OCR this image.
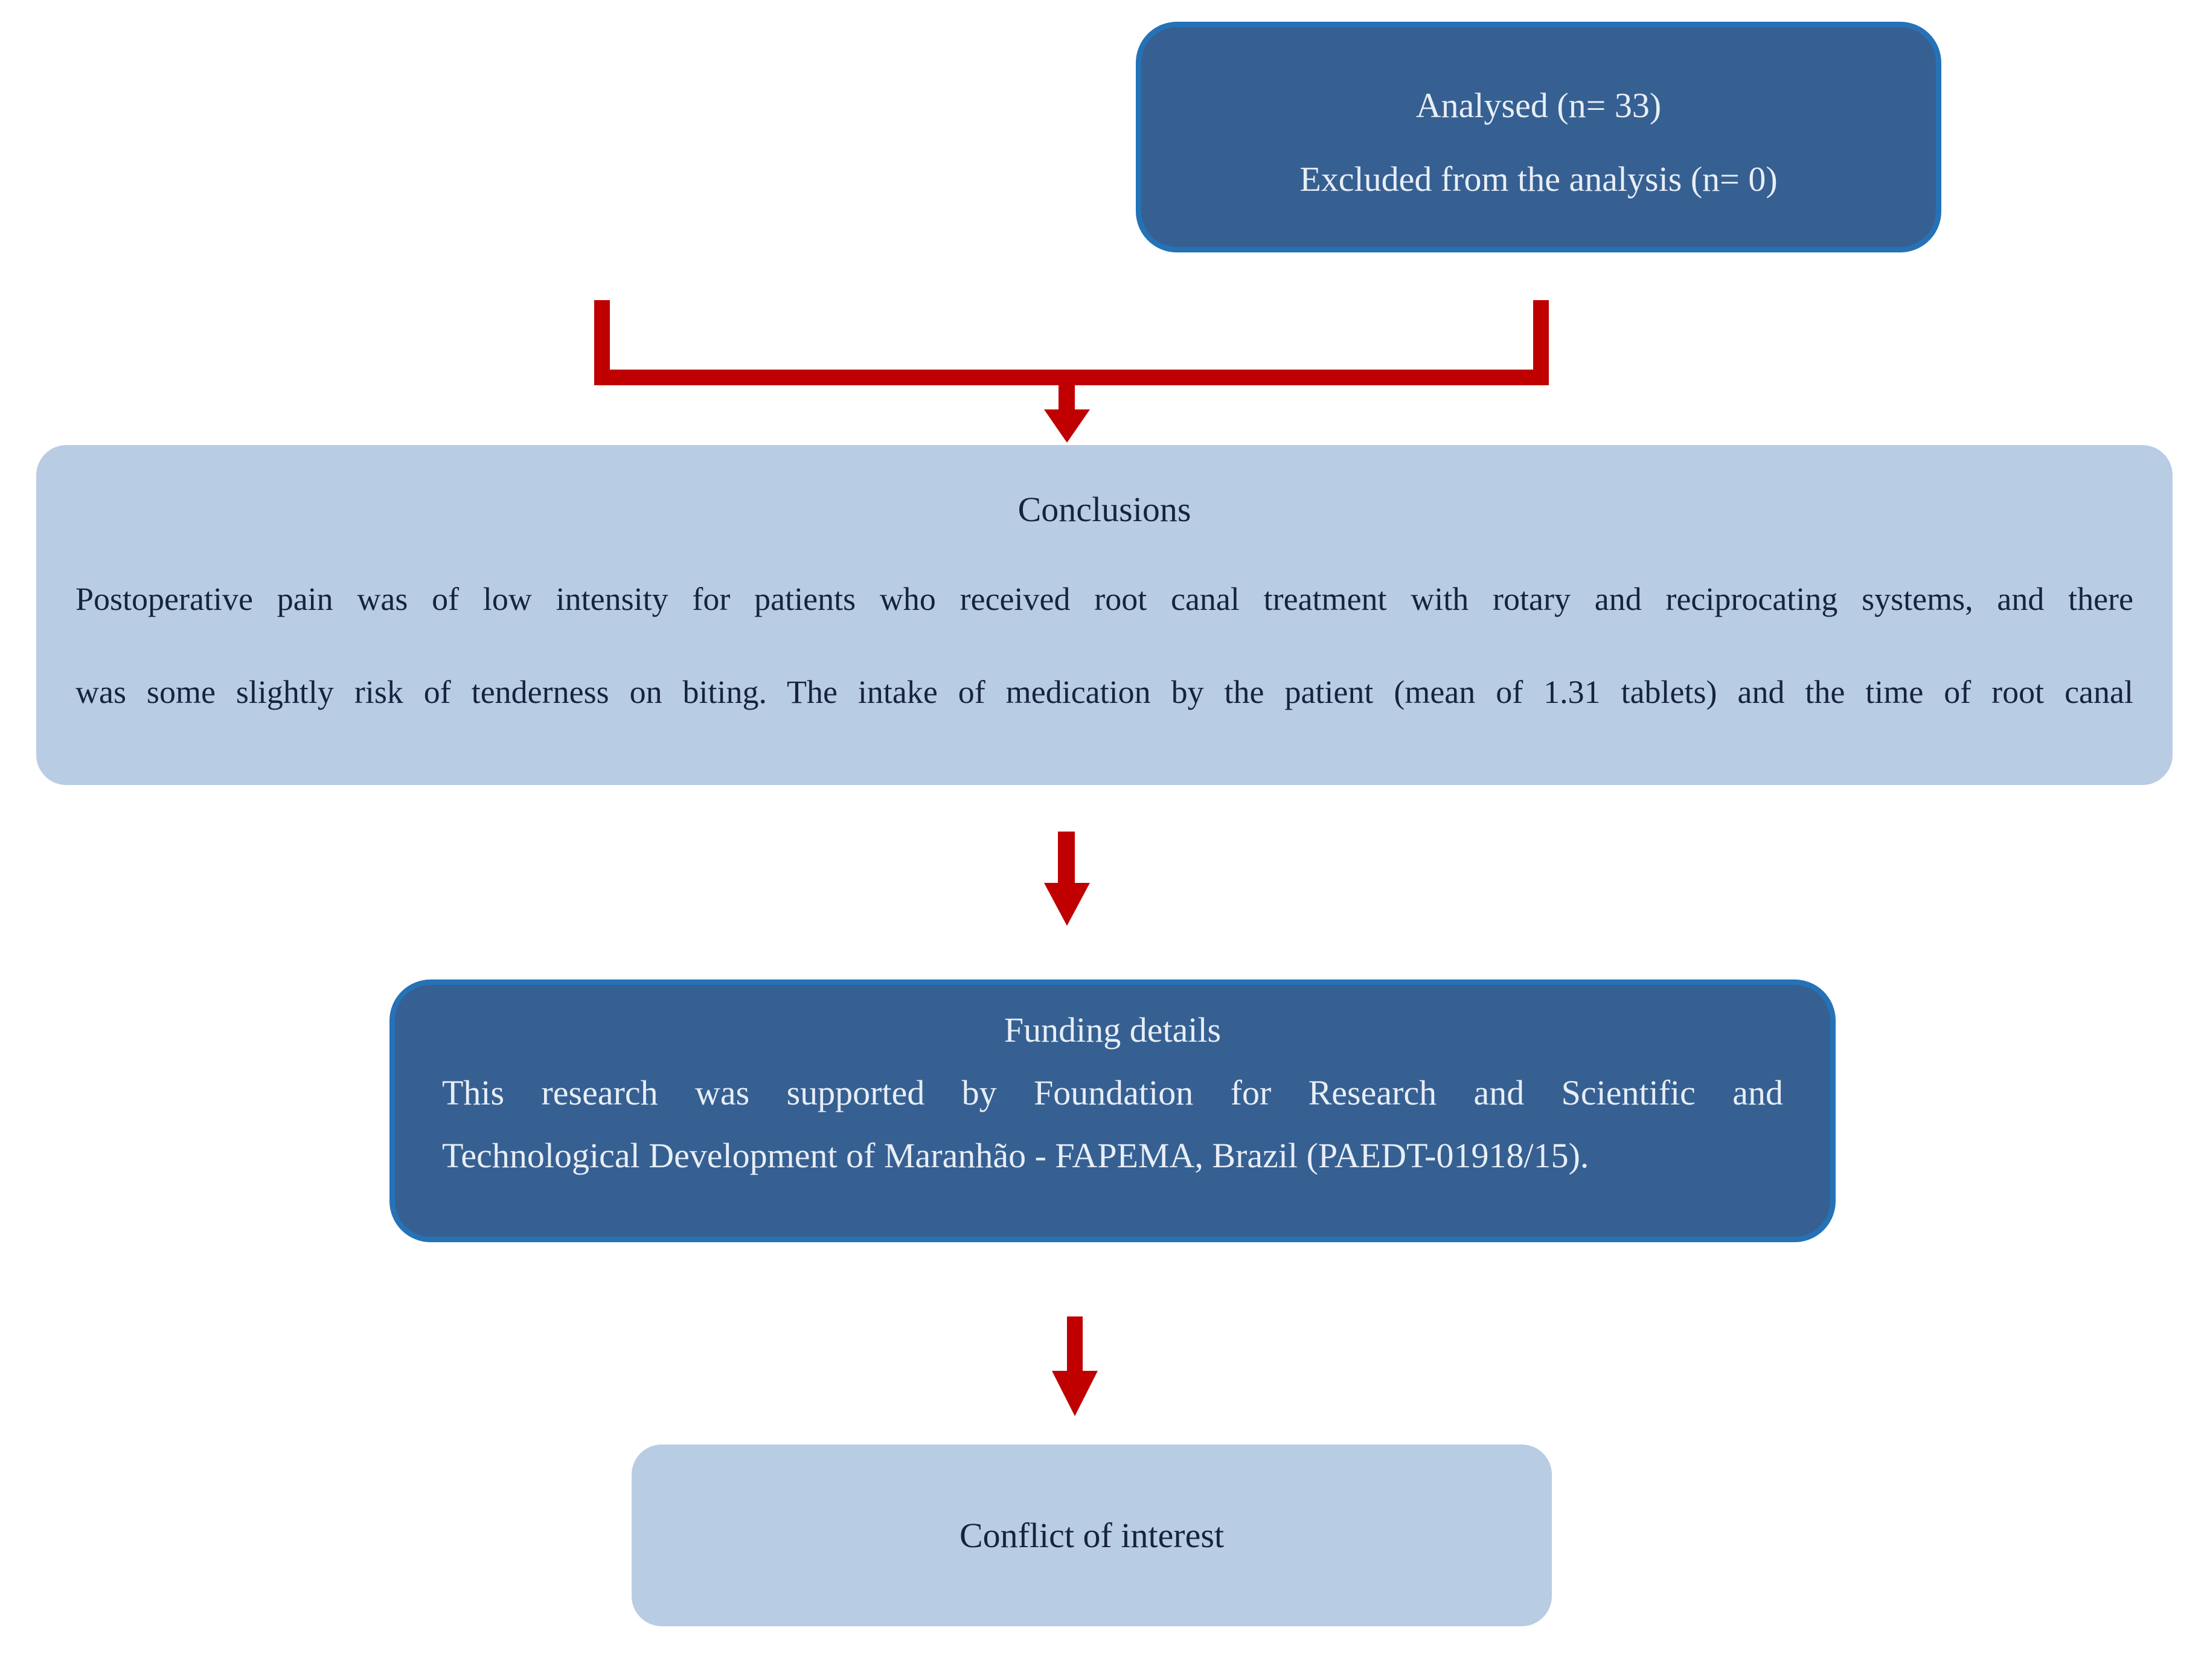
Analysed (n= 33)
Excluded from the analysis (n= 0)
Conclusions
Postoperative pain was of low intensity for patients who received root canal treatment with rotary and reciprocating systems, and there
was some slightly risk of tenderness on biting. The intake of medication by the patient (mean of 1.31 tablets) and the time of root canal
Funding details
This research was supported by Foundation for Research and Scientific and
Technological Development of Maranhão - FAPEMA, Brazil (PAEDT-01918/15).
Conflict of interest
